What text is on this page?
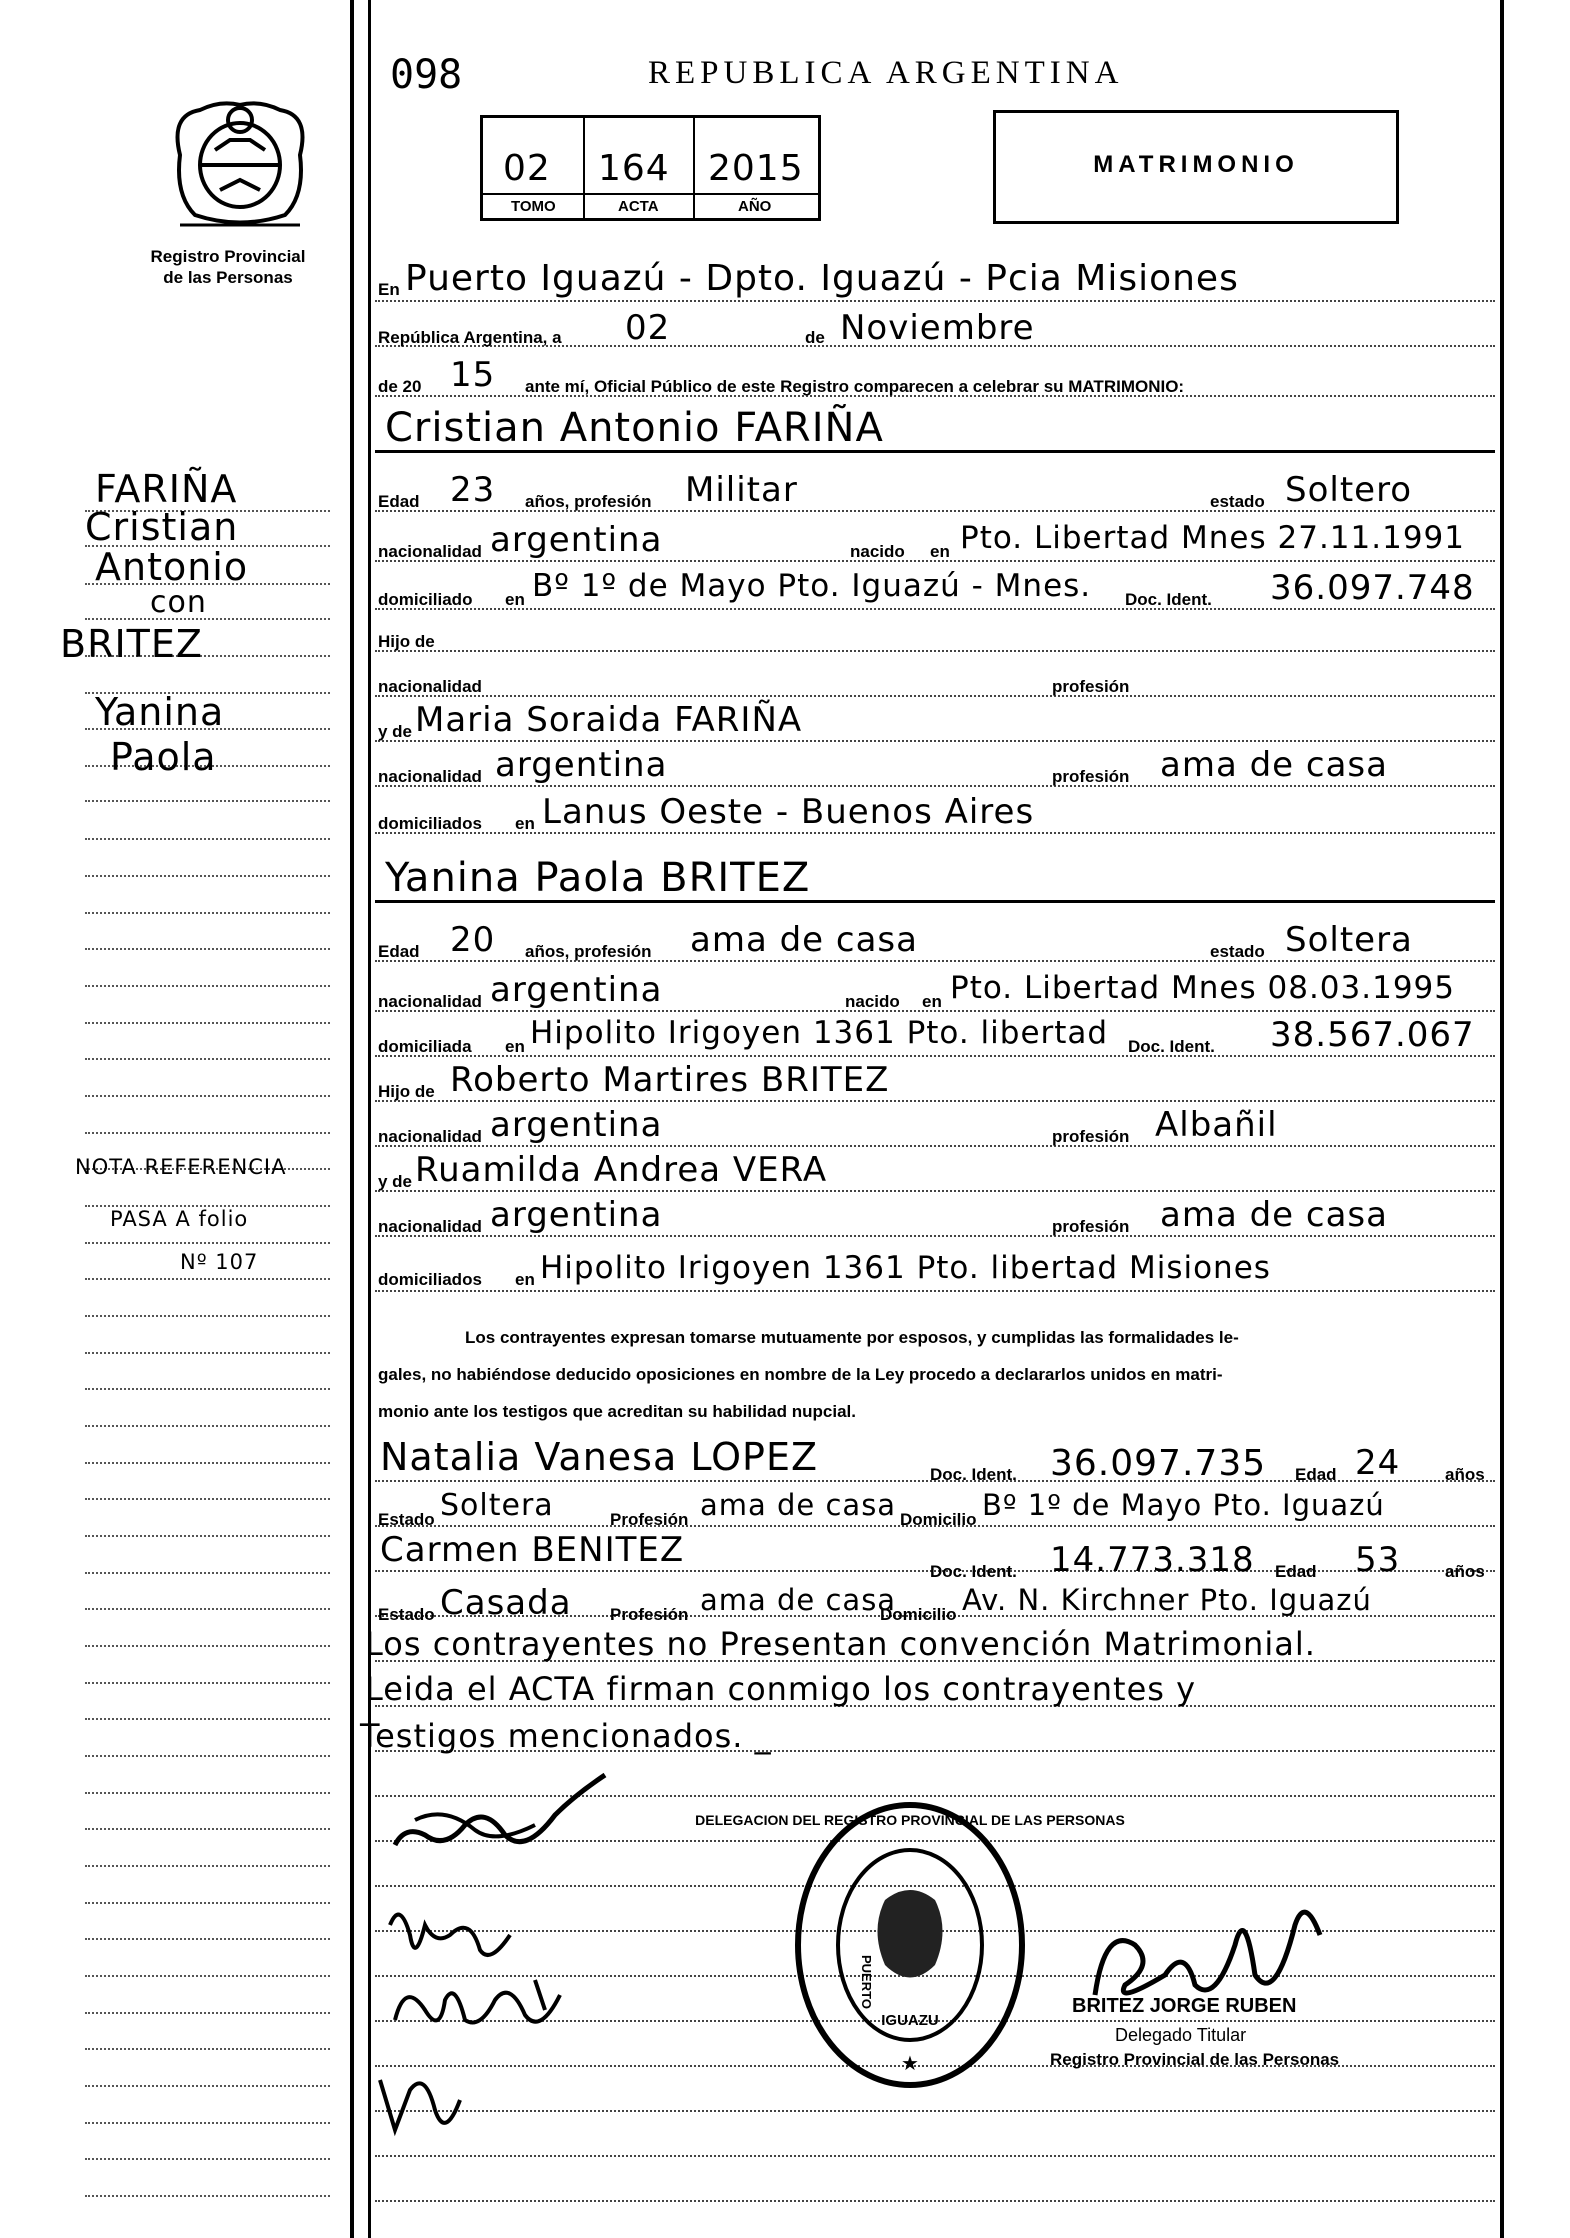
098	REPUBLICA ARGENTINA
02 164 2015
TOMO	ACTA	AÑO
MATRIMONIO
Registro Provincial
de las Personas
FARIÑA
Cristian
Antonio
con
BRITEZ
Yanina
Paola
NOTA REFERENCIA
PASA A folio
Nº 107
En Puerto Iguazú - Dpto. Iguazú - Pcia Misiones
República Argentina, a 02	de Noviembre
de 20 15 ante mí, Oficial Público de este Registro comparecen a celebrar su MATRIMONIO:
Cristian Antonio FARIÑA
Edad 23 años, profesión Militar	estado Soltero
nacionalidad argentina	nacido en Pto. Libertad Mnes 27.11.1991
domiciliado en Bº 1º de Mayo Pto. Iguazú - Mnes. Doc. Ident. 36.097.748
Hijo de
nacionalidad	profesión
y de Maria Soraida FARIÑA
nacionalidad argentina	profesión ama de casa
domiciliados en Lanus Oeste - Buenos Aires
Yanina Paola BRITEZ
Edad 20 años, profesión ama de casa	estado Soltera
nacionalidad argentina	nacido en Pto. Libertad Mnes 08.03.1995
domiciliada en Hipolito Irigoyen 1361 Pto. libertad Doc. Ident. 38.567.067
Hijo de Roberto Martires BRITEZ
nacionalidad argentina	profesión Albañil
y de Ruamilda Andrea VERA
nacionalidad argentina	profesión ama de casa
domiciliados en Hipolito Irigoyen 1361 Pto. libertad Misiones
Los contrayentes expresan tomarse mutuamente por esposos, y cumplidas las formalidades le-
gales, no habiéndose deducido oposiciones en nombre de la Ley procedo a declararlos unidos en matri-
monio ante los testigos que acreditan su habilidad nupcial.
Natalia Vanesa LOPEZ	Doc. Ident. 36.097.735 Edad 24	años
Estado Soltera	Profesión ama de casa Domicilio Bº 1º de Mayo Pto. Iguazú
Carmen BENITEZ
Doc. Ident. 14.773.318 Edad 53	años
Estado Casada Profesión ama de casa
Domicilio Av. N. Kirchner Pto. Iguazú
Los contrayentes no Presentan convención Matrimonial.
Leida el ACTA firman conmigo los contrayentes y
Testigos mencionados. _
DELEGACION DEL REGISTRO PROVINCIAL DE LAS PERSONAS
PUERTO
IGUAZU
★
BRITEZ JORGE RUBEN
Delegado Titular
Registro Provincial de las Personas
